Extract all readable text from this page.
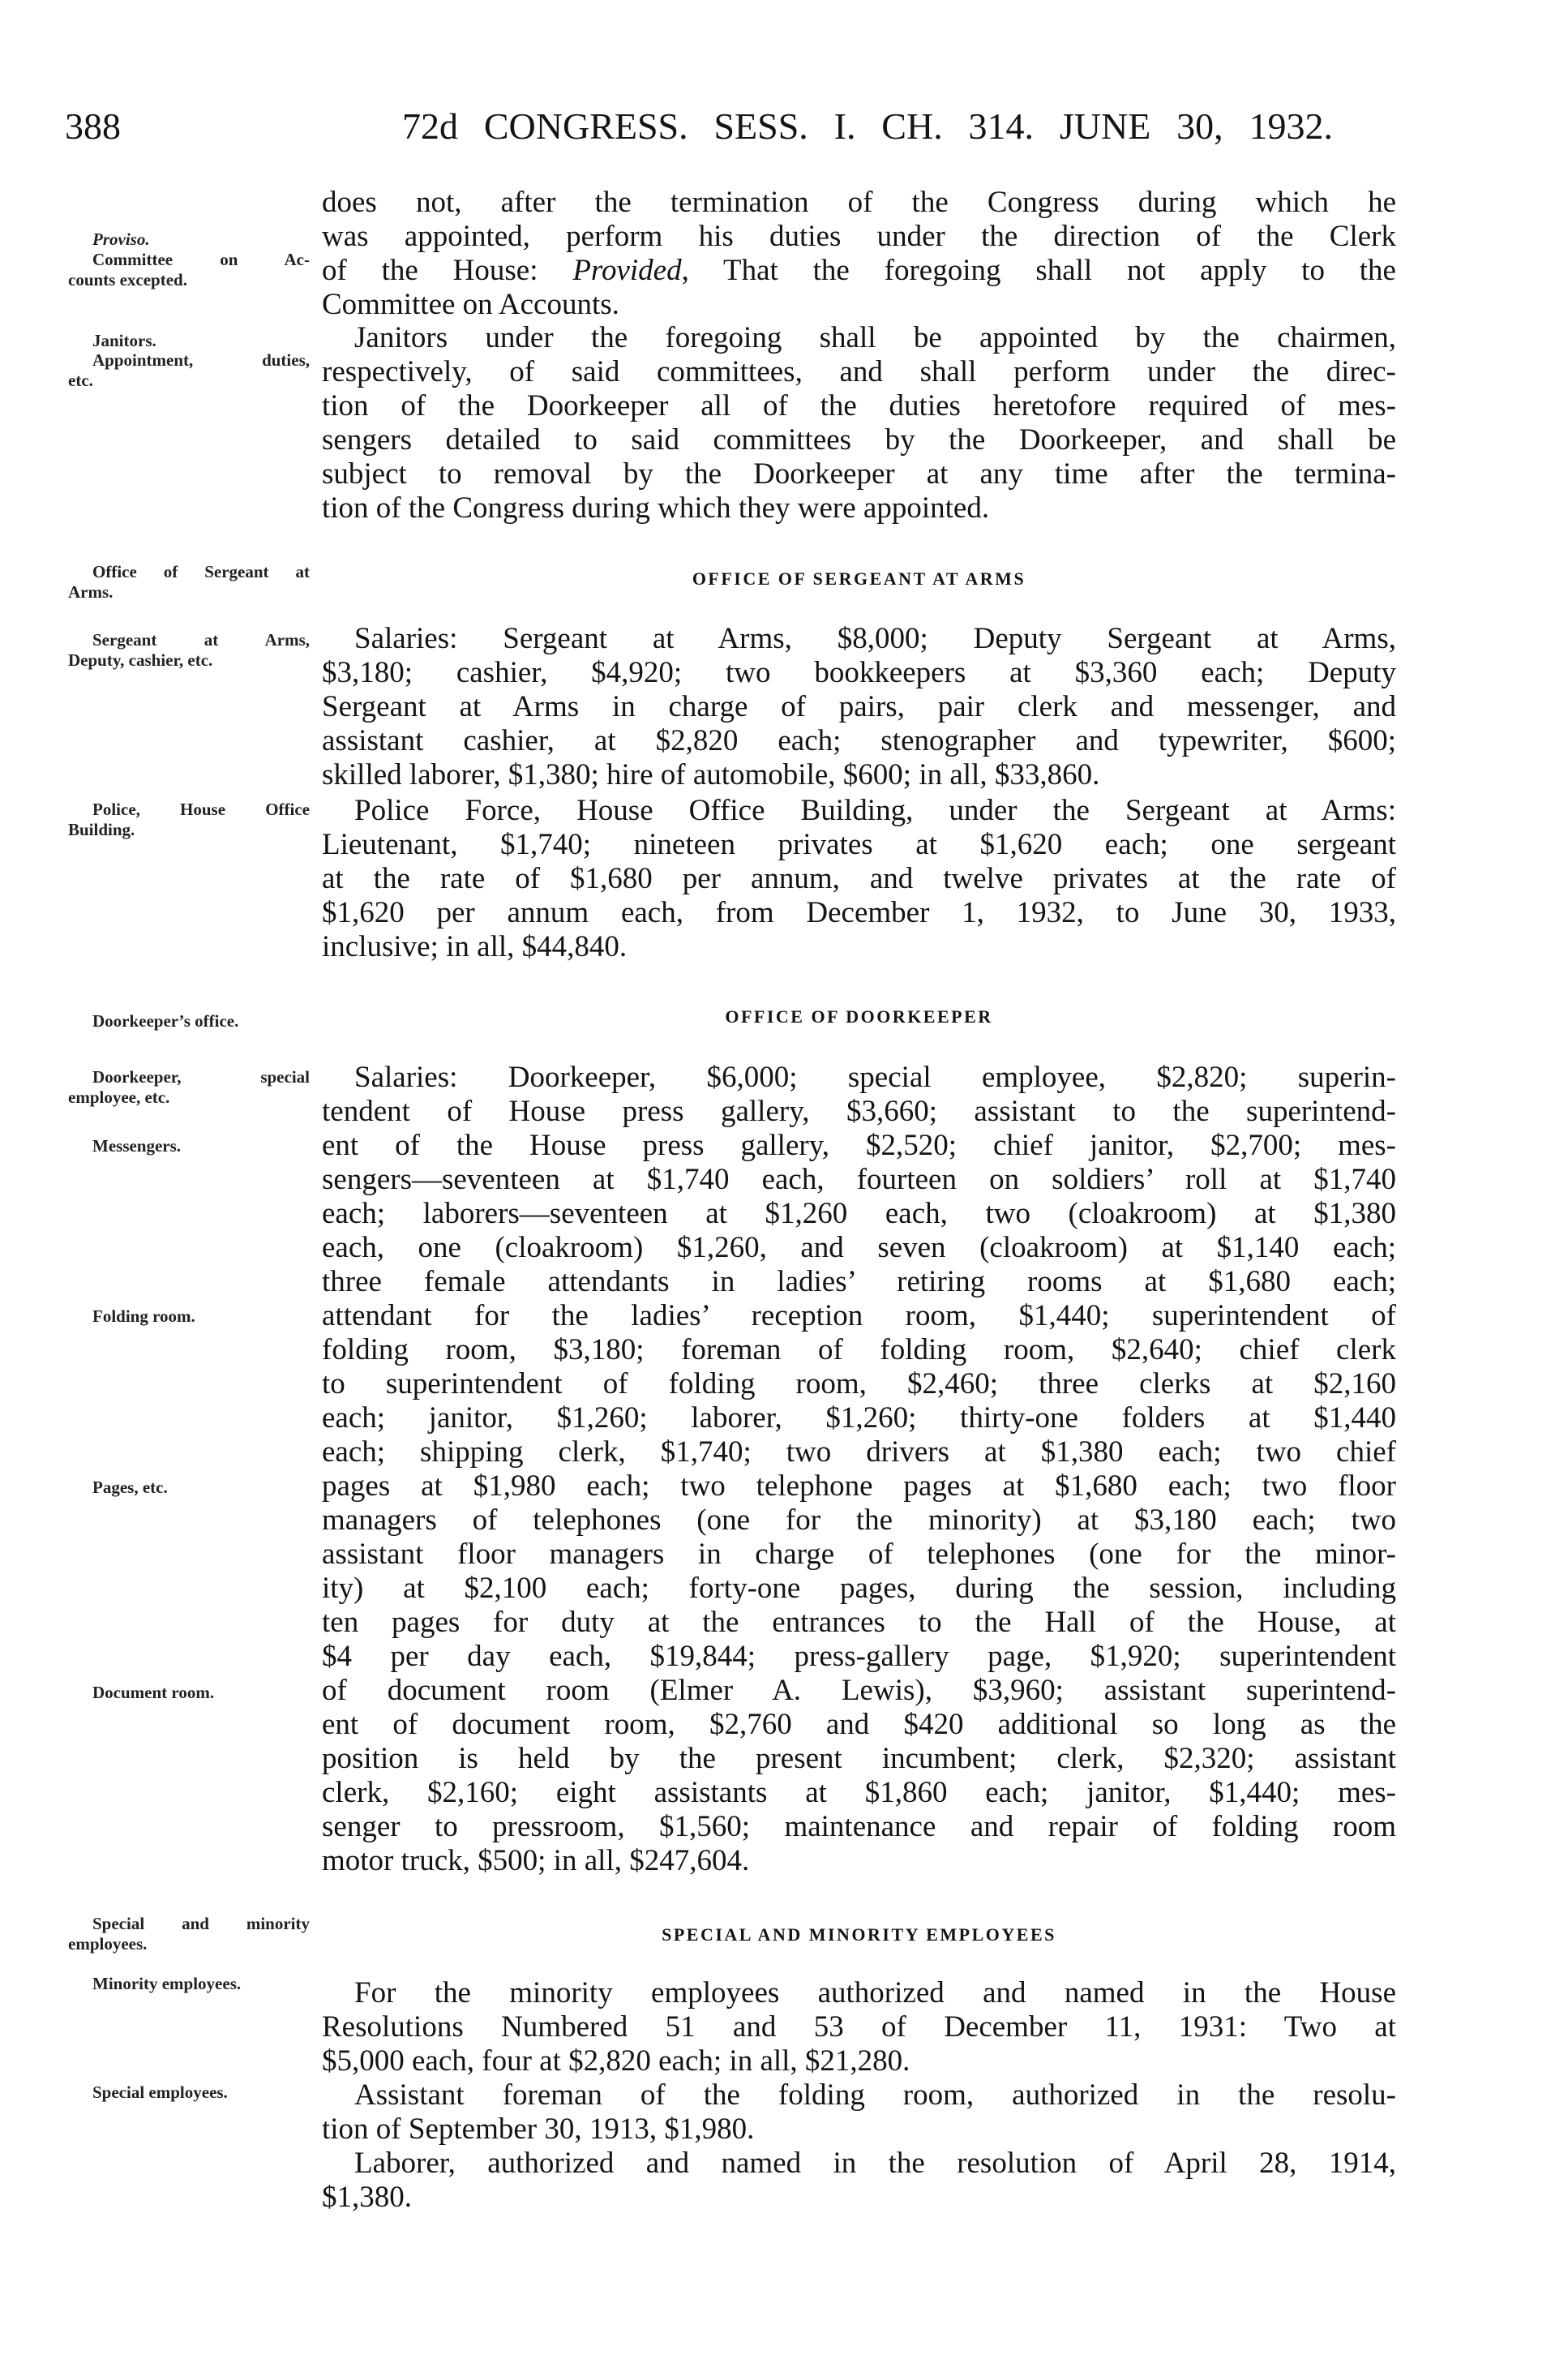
388	72d CONGRESS. SESS. I. CH. 314. JUNE 30, 1932.
OFFICE OF SERGEANT AT ARMS
OFFICE OF DOORKEEPER
SPECIAL AND MINORITY EMPLOYEES
does not, after the termination of the Congress during which he
was appointed, perform his duties under the direction of the Clerk
of the House: Provided, That the foregoing shall not apply to the
Committee on Accounts.
Janitors under the foregoing shall be appointed by the chairmen,
respectively, of said committees, and shall perform under the direc-
tion of the Doorkeeper all of the duties heretofore required of mes-
sengers detailed to said committees by the Doorkeeper, and shall be
subject to removal by the Doorkeeper at any time after the termina-
tion of the Congress during which they were appointed.
Salaries: Sergeant at Arms, $8,000; Deputy Sergeant at Arms,
$3,180; cashier, $4,920; two bookkeepers at $3,360 each; Deputy
Sergeant at Arms in charge of pairs, pair clerk and messenger, and
assistant cashier, at $2,820 each; stenographer and typewriter, $600;
skilled laborer, $1,380; hire of automobile, $600; in all, $33,860.
Police Force, House Office Building, under the Sergeant at Arms:
Lieutenant, $1,740; nineteen privates at $1,620 each; one sergeant
at the rate of $1,680 per annum, and twelve privates at the rate of
$1,620 per annum each, from December 1, 1932, to June 30, 1933,
inclusive; in all, $44,840.
Salaries: Doorkeeper, $6,000; special employee, $2,820; superin-
tendent of House press gallery, $3,660; assistant to the superintend-
ent of the House press gallery, $2,520; chief janitor, $2,700; mes-
sengers—seventeen at $1,740 each, fourteen on soldiers’ roll at $1,740
each; laborers—seventeen at $1,260 each, two (cloakroom) at $1,380
each, one (cloakroom) $1,260, and seven (cloakroom) at $1,140 each;
three female attendants in ladies’ retiring rooms at $1,680 each;
attendant for the ladies’ reception room, $1,440; superintendent of
folding room, $3,180; foreman of folding room, $2,640; chief clerk
to superintendent of folding room, $2,460; three clerks at $2,160
each; janitor, $1,260; laborer, $1,260; thirty-one folders at $1,440
each; shipping clerk, $1,740; two drivers at $1,380 each; two chief
pages at $1,980 each; two telephone pages at $1,680 each; two floor
managers of telephones (one for the minority) at $3,180 each; two
assistant floor managers in charge of telephones (one for the minor-
ity) at $2,100 each; forty-one pages, during the session, including
ten pages for duty at the entrances to the Hall of the House, at
$4 per day each, $19,844; press-gallery page, $1,920; superintendent
of document room (Elmer A. Lewis), $3,960; assistant superintend-
ent of document room, $2,760 and $420 additional so long as the
position is held by the present incumbent; clerk, $2,320; assistant
clerk, $2,160; eight assistants at $1,860 each; janitor, $1,440; mes-
senger to pressroom, $1,560; maintenance and repair of folding room
motor truck, $500; in all, $247,604.
For the minority employees authorized and named in the House
Resolutions Numbered 51 and 53 of December 11, 1931: Two at
$5,000 each, four at $2,820 each; in all, $21,280.
Assistant foreman of the folding room, authorized in the resolu-
tion of September 30, 1913, $1,980.
Laborer, authorized and named in the resolution of April 28, 1914,
$1,380.
Proviso.
Committee on Ac-
counts excepted.
Janitors.
Appointment, duties,
etc.
Office of Sergeant at
Arms.
Sergeant at Arms,
Deputy, cashier, etc.
Police, House Office
Building.
Doorkeeper’s office.
Doorkeeper, special
employee, etc.
Messengers.
Folding room.
Pages, etc.
Document room.
Special and minority
employees.
Minority employees.
Special employees.
